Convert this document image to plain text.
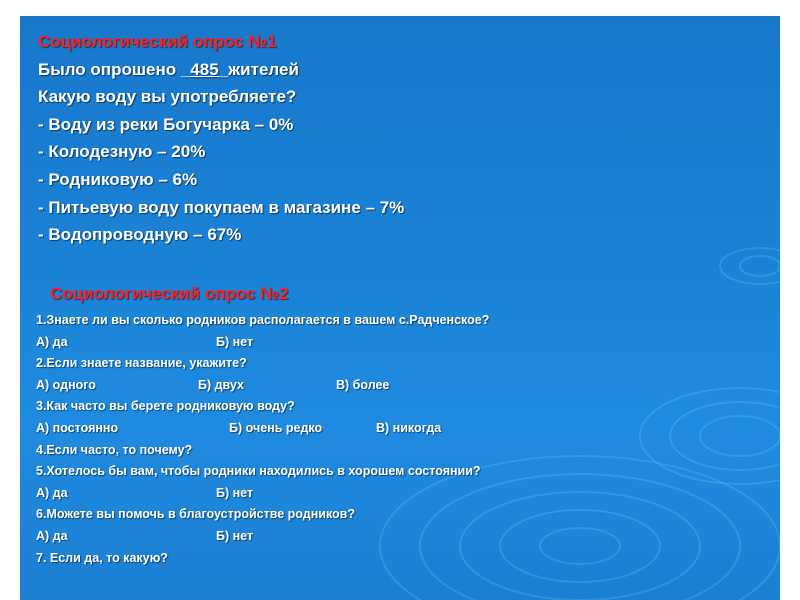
Социологический опрос №1
Было опрошено _485_жителей
Какую воду вы употребляете?
- Воду из реки Богучарка – 0%
- Колодезную – 20%
- Родниковую – 6%
- Питьевую воду покупаем в магазине – 7%
- Водопроводную – 67%
Социологический опрос №2
1.Знаете ли вы сколько родников располагается в вашем с.Радченское?
А) да	Б) нет
2.Если знаете название, укажите?
А) одного	Б) двух	В) более
3.Как часто вы берете родниковую воду?
А) постоянно	Б) очень редко	В) никогда
4.Если часто, то почему?
5.Хотелось бы вам, чтобы родники находились в хорошем состоянии?
А) да	Б) нет
6.Можете вы помочь в благоустройстве родников?
А) да	Б) нет
7. Если да, то какую?
